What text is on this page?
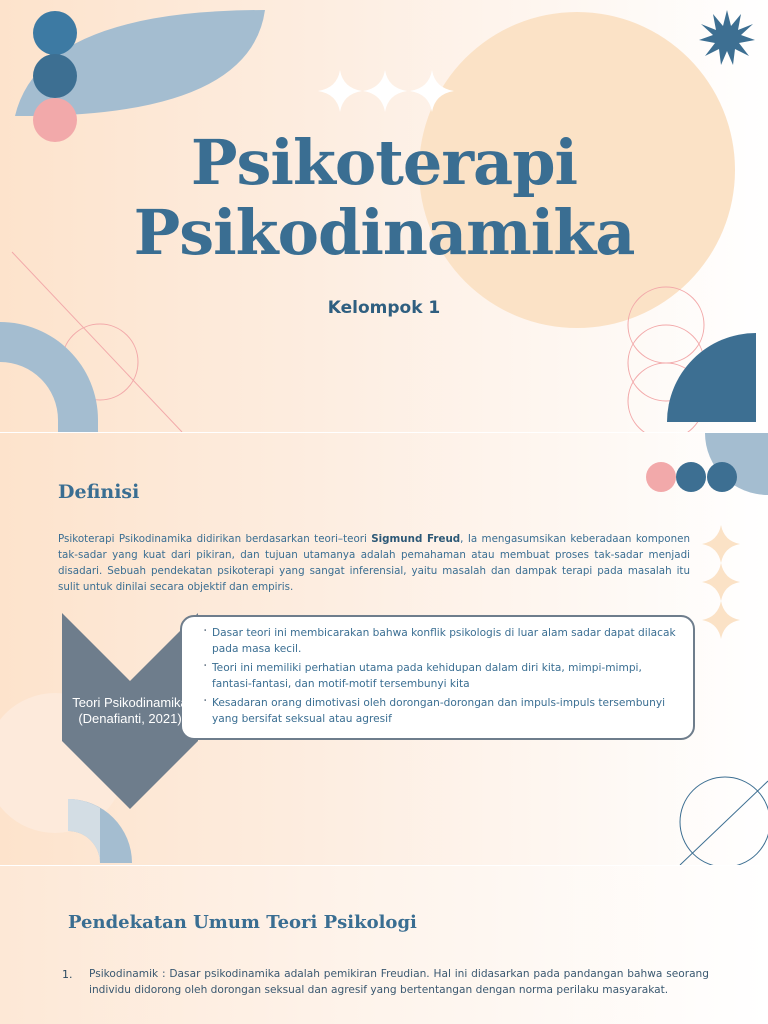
Psikoterapi
Psikodinamika
Kelompok 1
Definisi
Psikoterapi Psikodinamika didirikan berdasarkan teori–teori Sigmund Freud, Ia mengasumsikan keberadaan komponen tak-sadar yang kuat dari pikiran, dan tujuan utamanya adalah pemahaman atau membuat proses tak-sadar menjadi disadari. Sebuah pendekatan psikoterapi yang sangat inferensial, yaitu masalah dan dampak terapi pada masalah itu sulit untuk dinilai secara objektif dan empiris.
· Dasar teori ini membicarakan bahwa konflik psikologis di luar alam sadar dapat dilacak pada masa kecil.
· Teori ini memiliki perhatian utama pada kehidupan dalam diri kita, mimpi-mimpi, fantasi-fantasi, dan motif-motif tersembunyi kita
· Kesadaran orang dimotivasi oleh dorongan-dorongan dan impuls-impuls tersembunyi yang bersifat seksual atau agresif
Teori Psikodinamika
(Denafianti, 2021)
Pendekatan Umum Teori Psikologi
1. Psikodinamik : Dasar psikodinamika adalah pemikiran Freudian. Hal ini didasarkan pada pandangan bahwa seorang individu didorong oleh dorongan seksual dan agresif yang bertentangan dengan norma perilaku masyarakat.
